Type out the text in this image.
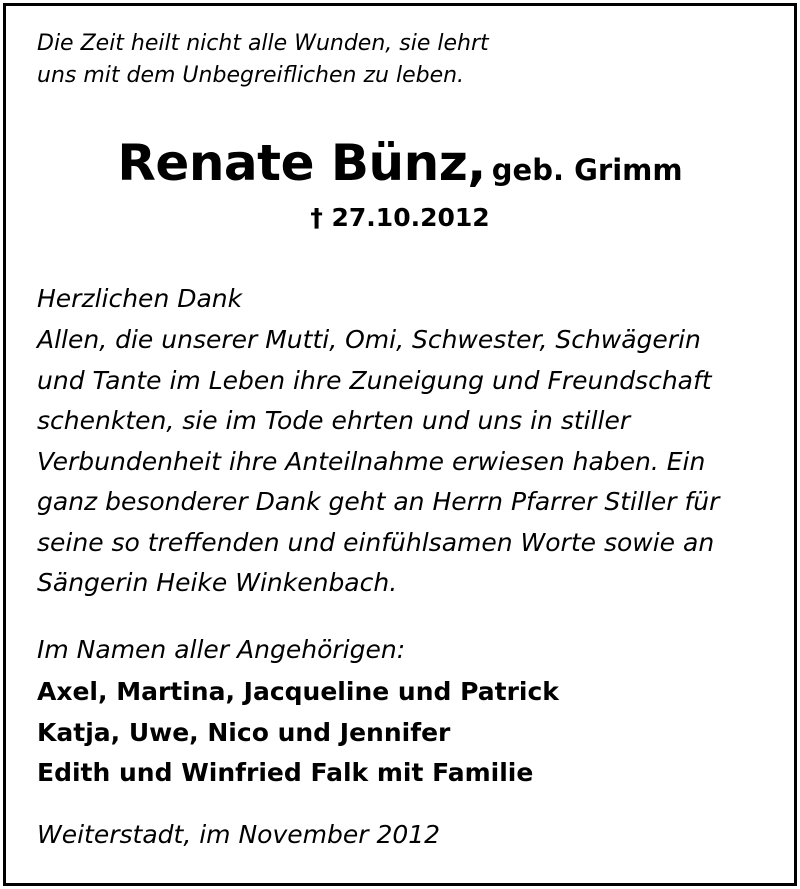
Die Zeit heilt nicht alle Wunden, sie lehrt
uns mit dem Unbegreiflichen zu leben.

Renate Bünz, geb. Grimm

† 27.10.2012

Herzlichen Dank

Allen, die unserer Mutti, Omi, Schwester, Schwägerin
und Tante im Leben ihre Zuneigung und Freundschaft
schenkten, sie im Tode ehrten und uns in stiller
Verbundenheit ihre Anteilnahme erwiesen haben. Ein
ganz besonderer Dank geht an Herrn Pfarrer Stiller für
seine so treffenden und einfühlsamen Worte sowie an
Sängerin Heike Winkenbach.

Im Namen aller Angehörigen:

Axel, Martina, Jacqueline und Patrick
Katja, Uwe, Nico und Jennifer
Edith und Winfried Falk mit Familie

Weiterstadt, im November 2012
